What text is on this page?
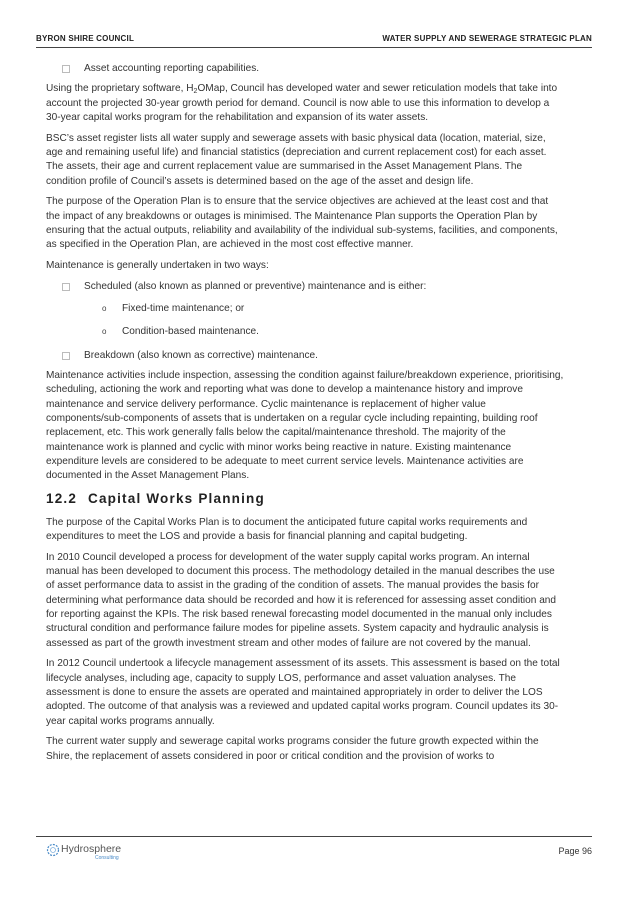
BYRON SHIRE COUNCIL	WATER SUPPLY AND SEWERAGE STRATEGIC PLAN
Asset accounting reporting capabilities.

Using the proprietary software, $H_2OMap$, Council has developed water and sewer reticulation models that take into account the projected 30-year growth period for demand. Council is now able to use this information to develop a 30-year capital works program for the rehabilitation and expansion of its water assets.

BSC’s asset register lists all water supply and sewerage assets with basic physical data (location, material, size, age and remaining useful life) and financial statistics (depreciation and current replacement cost) for each asset. The assets, their age and current replacement value are summarised in the Asset Management Plans. The condition profile of Council’s assets is determined based on the age of the asset and design life.

The purpose of the Operation Plan is to ensure that the service objectives are achieved at the least cost and that the impact of any breakdowns or outages is minimised. The Maintenance Plan supports the Operation Plan by ensuring that the actual outputs, reliability and availability of the individual sub-systems, facilities, and components, as specified in the Operation Plan, are achieved in the most cost effective manner.

Maintenance is generally undertaken in two ways:

Scheduled (also known as planned or preventive) maintenance and is either:
o Fixed-time maintenance; or
o Condition-based maintenance.
Breakdown (also known as corrective) maintenance.

Maintenance activities include inspection, assessing the condition against failure/breakdown experience, prioritising, scheduling, actioning the work and reporting what was done to develop a maintenance history and improve maintenance and service delivery performance. Cyclic maintenance is replacement of higher value components/sub-components of assets that is undertaken on a regular cycle including repainting, building roof replacement, etc. This work generally falls below the capital/maintenance threshold. The majority of the maintenance work is planned and cyclic with minor works being reactive in nature. Existing maintenance expenditure levels are considered to be adequate to meet current service levels. Maintenance activities are documented in the Asset Management Plans.

12.2 Capital Works Planning

The purpose of the Capital Works Plan is to document the anticipated future capital works requirements and expenditures to meet the LOS and provide a basis for financial planning and capital budgeting.

In 2010 Council developed a process for development of the water supply capital works program. An internal manual has been developed to document this process. The methodology detailed in the manual describes the use of asset performance data to assist in the grading of the condition of assets. The manual provides the basis for determining what performance data should be recorded and how it is referenced for assessing asset condition and for reporting against the KPIs. The risk based renewal forecasting model documented in the manual only includes structural condition and performance failure modes for pipeline assets. System capacity and hydraulic analysis is assessed as part of the growth investment stream and other modes of failure are not covered by the manual.

In 2012 Council undertook a lifecycle management assessment of its assets. This assessment is based on the total lifecycle analyses, including age, capacity to supply LOS, performance and asset valuation analyses. The assessment is done to ensure the assets are operated and maintained appropriately in order to deliver the LOS adopted. The outcome of that analysis was a reviewed and updated capital works program. Council updates its 30-year capital works programs annually.

The current water supply and sewerage capital works programs consider the future growth expected within the Shire, the replacement of assets considered in poor or critical condition and the provision of works to

Hydrosphere
Consulting
Page 96
